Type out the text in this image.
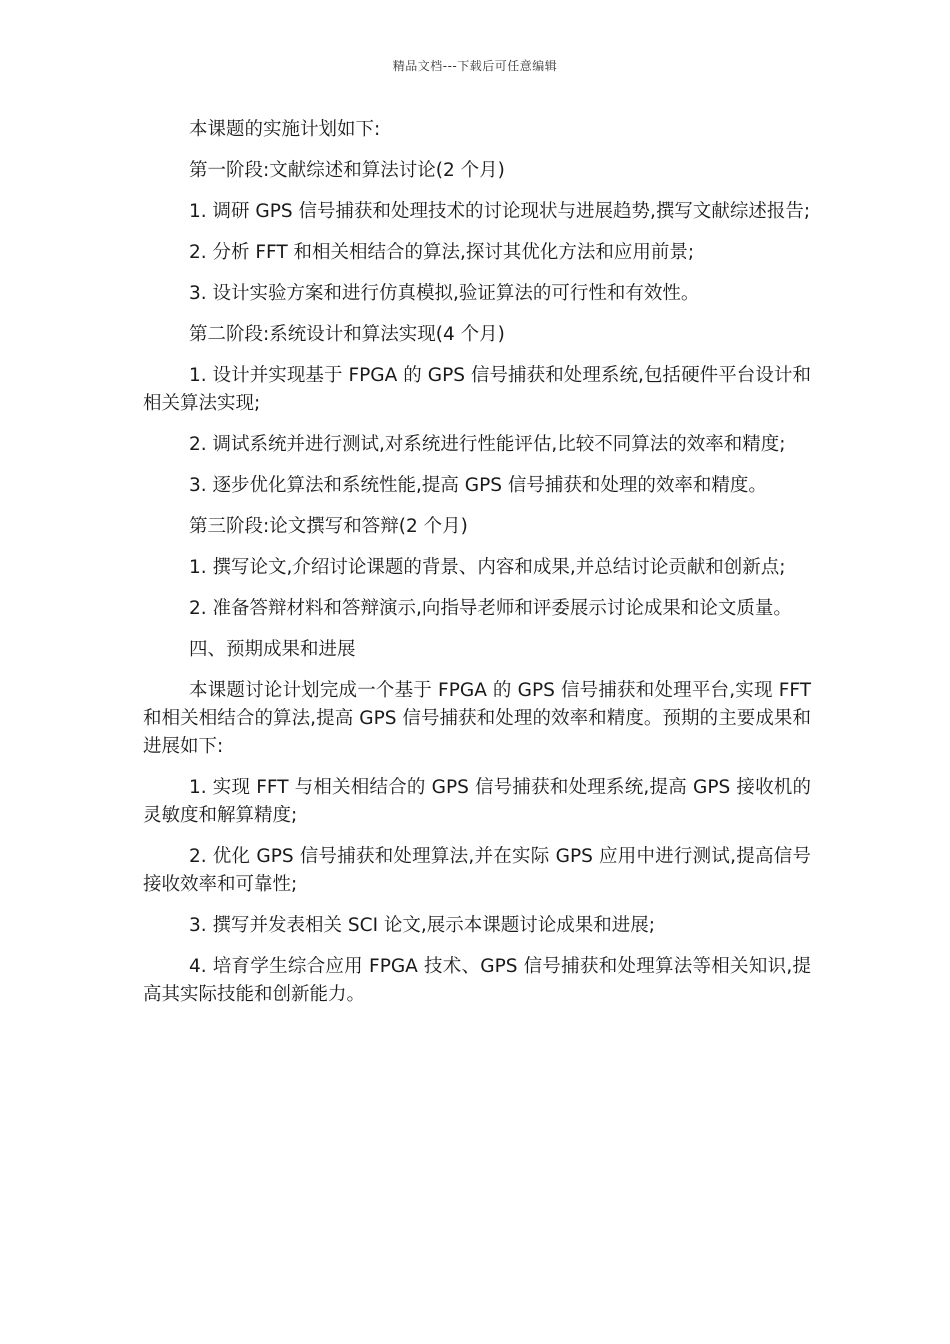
精品文档---下载后可任意编辑

本课题的实施计划如下:

第一阶段:文献综述和算法讨论(2 个月)

1. 调研 GPS 信号捕获和处理技术的讨论现状与进展趋势,撰写文献综述报告;

2. 分析 FFT 和相关相结合的算法,探讨其优化方法和应用前景;

3. 设计实验方案和进行仿真模拟,验证算法的可行性和有效性。

第二阶段:系统设计和算法实现(4 个月)

1. 设计并实现基于 FPGA 的 GPS 信号捕获和处理系统,包括硬件平台设计和相关算法实现;

2. 调试系统并进行测试,对系统进行性能评估,比较不同算法的效率和精度;

3. 逐步优化算法和系统性能,提高 GPS 信号捕获和处理的效率和精度。

第三阶段:论文撰写和答辩(2 个月)

1. 撰写论文,介绍讨论课题的背景、内容和成果,并总结讨论贡献和创新点;

2. 准备答辩材料和答辩演示,向指导老师和评委展示讨论成果和论文质量。

四、预期成果和进展

本课题讨论计划完成一个基于 FPGA 的 GPS 信号捕获和处理平台,实现 FFT 和相关相结合的算法,提高 GPS 信号捕获和处理的效率和精度。预期的主要成果和进展如下:

1. 实现 FFT 与相关相结合的 GPS 信号捕获和处理系统,提高 GPS 接收机的灵敏度和解算精度;

2. 优化 GPS 信号捕获和处理算法,并在实际 GPS 应用中进行测试,提高信号接收效率和可靠性;

3. 撰写并发表相关 SCI 论文,展示本课题讨论成果和进展;

4. 培育学生综合应用 FPGA 技术、GPS 信号捕获和处理算法等相关知识,提高其实际技能和创新能力。
